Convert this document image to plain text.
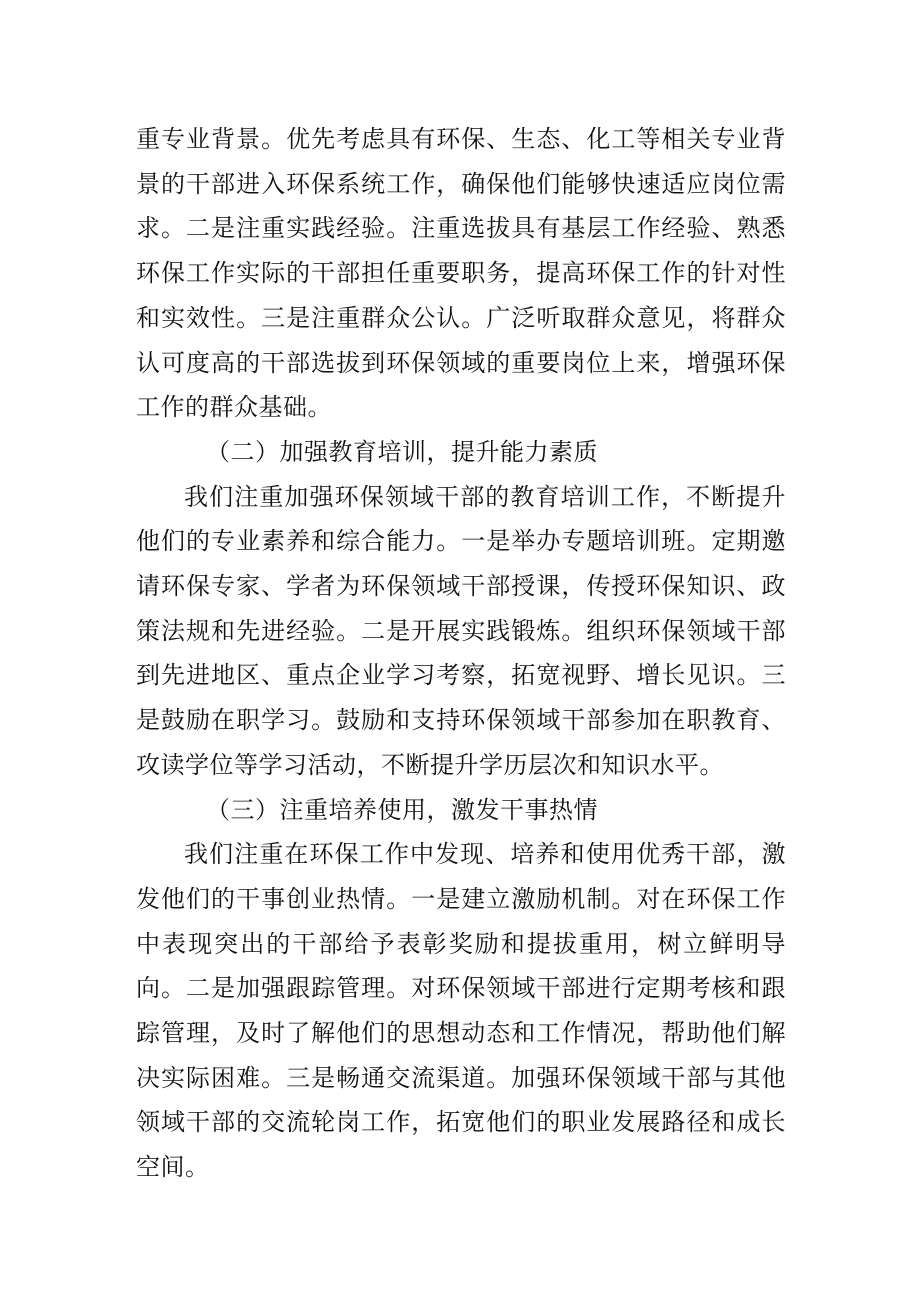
重专业背景。优先考虑具有环保、生态、化工等相关专业背景的干部进入环保系统工作，确保他们能够快速适应岗位需求。二是注重实践经验。注重选拔具有基层工作经验、熟悉环保工作实际的干部担任重要职务，提高环保工作的针对性和实效性。三是注重群众公认。广泛听取群众意见，将群众认可度高的干部选拔到环保领域的重要岗位上来，增强环保工作的群众基础。

（二）加强教育培训，提升能力素质

我们注重加强环保领域干部的教育培训工作，不断提升他们的专业素养和综合能力。一是举办专题培训班。定期邀请环保专家、学者为环保领域干部授课，传授环保知识、政策法规和先进经验。二是开展实践锻炼。组织环保领域干部到先进地区、重点企业学习考察，拓宽视野、增长见识。三是鼓励在职学习。鼓励和支持环保领域干部参加在职教育、攻读学位等学习活动，不断提升学历层次和知识水平。

（三）注重培养使用，激发干事热情

我们注重在环保工作中发现、培养和使用优秀干部，激发他们的干事创业热情。一是建立激励机制。对在环保工作中表现突出的干部给予表彰奖励和提拔重用，树立鲜明导向。二是加强跟踪管理。对环保领域干部进行定期考核和跟踪管理，及时了解他们的思想动态和工作情况，帮助他们解决实际困难。三是畅通交流渠道。加强环保领域干部与其他领域干部的交流轮岗工作，拓宽他们的职业发展路径和成长空间。
